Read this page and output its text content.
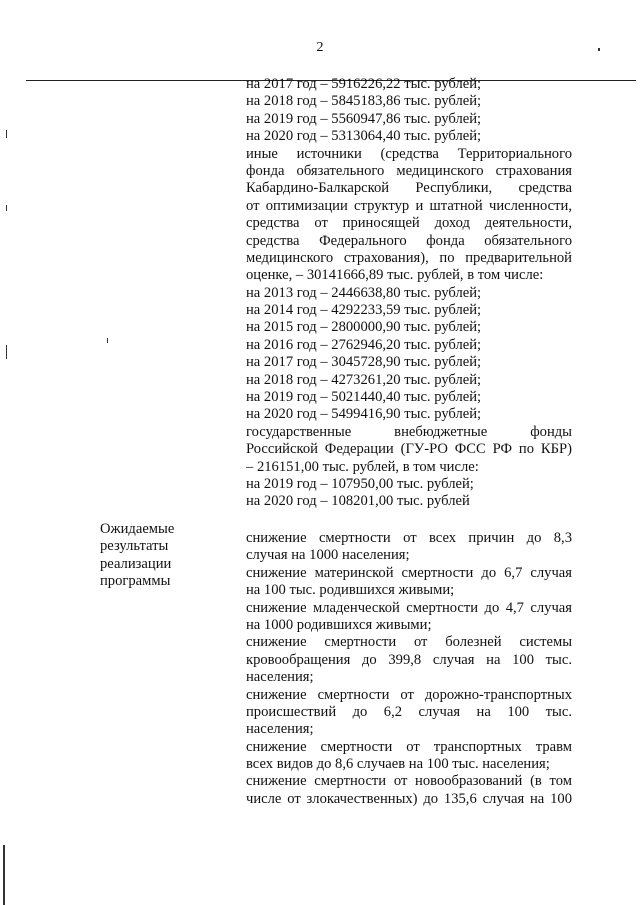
2
на 2017 год – 5916226,22 тыс. рублей;
на 2018 год – 5845183,86 тыс. рублей;
на 2019 год – 5560947,86 тыс. рублей;
на 2020 год – 5313064,40 тыс. рублей;
иные источники (средства Территориального
фонда обязательного медицинского страхования
Кабардино-Балкарской Республики, средства
от оптимизации структур и штатной численности,
средства от приносящей доход деятельности,
средства Федерального фонда обязательного
медицинского страхования), по предварительной
оценке, – 30141666,89 тыс. рублей, в том числе:
на 2013 год – 2446638,80 тыс. рублей;
на 2014 год – 4292233,59 тыс. рублей;
на 2015 год – 2800000,90 тыс. рублей;
на 2016 год – 2762946,20 тыс. рублей;
на 2017 год – 3045728,90 тыс. рублей;
на 2018 год – 4273261,20 тыс. рублей;
на 2019 год – 5021440,40 тыс. рублей;
на 2020 год – 5499416,90 тыс. рублей;
государственные внебюджетные фонды
Российской Федерации (ГУ-РО ФСС РФ по КБР)
– 216151,00 тыс. рублей, в том числе:
на 2019 год – 107950,00 тыс. рублей;
на 2020 год – 108201,00 тыс. рублей
Ожидаемые
результаты
реализации
программы
снижение смертности от всех причин до 8,3
случая на 1000 населения;
снижение материнской смертности до 6,7 случая
на 100 тыс. родившихся живыми;
снижение младенческой смертности до 4,7 случая
на 1000 родившихся живыми;
снижение смертности от болезней системы
кровообращения до 399,8 случая на 100 тыс.
населения;
снижение смертности от дорожно-транспортных
происшествий до 6,2 случая на 100 тыс.
населения;
снижение смертности от транспортных травм
всех видов до 8,6 случаев на 100 тыс. населения;
снижение смертности от новообразований (в том
числе от злокачественных) до 135,6 случая на 100
